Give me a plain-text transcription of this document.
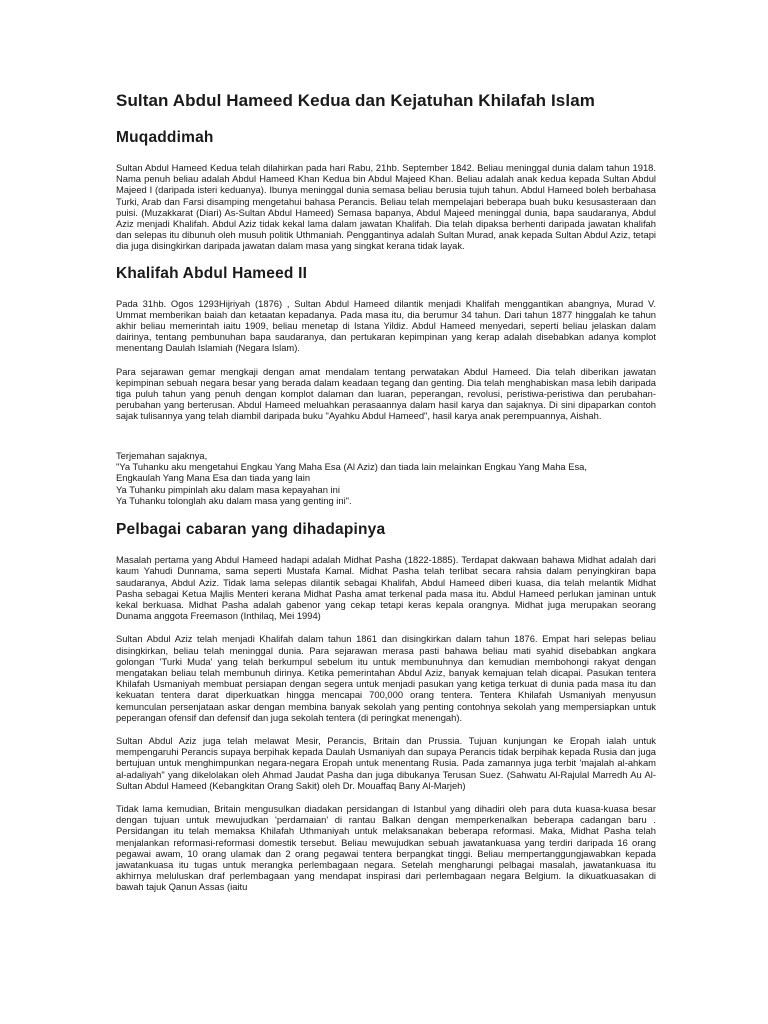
Sultan Abdul Hameed Kedua dan Kejatuhan Khilafah Islam
Muqaddimah

Sultan Abdul Hameed Kedua telah dilahirkan pada hari Rabu, 21hb. September 1842. Beliau meninggal dunia dalam tahun 1918. Nama penuh beliau adalah Abdul Hameed Khan Kedua bin Abdul Majeed Khan. Beliau adalah anak kedua kepada Sultan Abdul Majeed I (daripada isteri keduanya). Ibunya meninggal dunia semasa beliau berusia tujuh tahun. Abdul Hameed boleh berbahasa Turki, Arab dan Farsi disamping mengetahui bahasa Perancis. Beliau telah mempelajari beberapa buah buku kesusasteraan dan puisi. (Muzakkarat (Diari) As-Sultan Abdul Hameed) Semasa bapanya, Abdul Majeed meninggal dunia, bapa saudaranya, Abdul Aziz menjadi Khalifah. Abdul Aziz tidak kekal lama dalam jawatan Khalifah. Dia telah dipaksa berhenti daripada jawatan khalifah dan selepas itu dibunuh oleh musuh politik Uthmaniah. Penggantinya adalah Sultan Murad, anak kepada Sultan Abdul Aziz, tetapi dia juga disingkirkan daripada jawatan dalam masa yang singkat kerana tidak layak.

Khalifah Abdul Hameed II

Pada 31hb. Ogos 1293Hijriyah (1876) , Sultan Abdul Hameed dilantik menjadi Khalifah menggantikan abangnya, Murad V. Ummat memberikan baiah dan ketaatan kepadanya. Pada masa itu, dia berumur 34 tahun. Dari tahun 1877 hinggalah ke tahun akhir beliau memerintah iaitu 1909, beliau menetap di Istana Yildiz. Abdul Hameed menyedari, seperti beliau jelaskan dalam dairinya, tentang pembunuhan bapa saudaranya, dan pertukaran kepimpinan yang kerap adalah disebabkan adanya komplot menentang Daulah Islamiah (Negara Islam).

Para sejarawan gemar mengkaji dengan amat mendalam tentang perwatakan Abdul Hameed. Dia telah diberikan jawatan kepimpinan sebuah negara besar yang berada dalam keadaan tegang dan genting. Dia telah menghabiskan masa lebih daripada tiga puluh tahun yang penuh dengan komplot dalaman dan luaran, peperangan, revolusi, peristiwa-peristiwa dan perubahan-perubahan yang berterusan. Abdul Hameed meluahkan perasaannya dalam hasil karya dan sajaknya. Di sini dipaparkan contoh sajak tulisannya yang telah diambil daripada buku "Ayahku Abdul Hameed", hasil karya anak perempuannya, Aishah.

Terjemahan sajaknya,
"Ya Tuhanku aku mengetahui Engkau Yang Maha Esa (Al Aziz) dan tiada lain melainkan Engkau Yang Maha Esa,
Engkaulah Yang Mana Esa dan tiada yang lain
Ya Tuhanku pimpinlah aku dalam masa kepayahan ini
Ya Tuhanku tolonglah aku dalam masa yang genting ini".
Pelbagai cabaran yang dihadapinya

Masalah pertama yang Abdul Hameed hadapi adalah Midhat Pasha (1822-1885). Terdapat dakwaan bahawa Midhat adalah dari kaum Yahudi Dunnama, sama seperti Mustafa Kamal. Midhat Pasha telah terlibat secara rahsia dalam penyingkiran bapa saudaranya, Abdul Aziz. Tidak lama selepas dilantik sebagai Khalifah, Abdul Hameed diberi kuasa, dia telah melantik Midhat Pasha sebagai Ketua Majlis Menteri kerana Midhat Pasha amat terkenal pada masa itu. Abdul Hameed perlukan jaminan untuk kekal berkuasa. Midhat Pasha adalah gabenor yang cekap tetapi keras kepala orangnya. Midhat juga merupakan seorang Dunama anggota Freemason (Inthilaq, Mei 1994)

Sultan Abdul Aziz telah menjadi Khalifah dalam tahun 1861 dan disingkirkan dalam tahun 1876. Empat hari selepas beliau disingkirkan, beliau telah meninggal dunia. Para sejarawan merasa pasti bahawa beliau mati syahid disebabkan angkara golongan 'Turki Muda' yang telah berkumpul sebelum itu untuk membunuhnya dan kemudian membohongi rakyat dengan mengatakan beliau telah membunuh dirinya. Ketika pemerintahan Abdul Aziz, banyak kemajuan telah dicapai. Pasukan tentera Khilafah Usmaniyah membuat persiapan dengan segera untuk menjadi pasukan yang ketiga terkuat di dunia pada masa itu dan kekuatan tentera darat diperkuatkan hingga mencapai 700,000 orang tentera. Tentera Khilafah Usmaniyah menyusun kemunculan persenjataan askar dengan membina banyak sekolah yang penting contohnya sekolah yang mempersiapkan untuk peperangan ofensif dan defensif dan juga sekolah tentera (di peringkat menengah).

Sultan Abdul Aziz juga telah melawat Mesir, Perancis, Britain dan Prussia. Tujuan kunjungan ke Eropah ialah untuk mempengaruhi Perancis supaya berpihak kepada Daulah Usmaniyah dan supaya Perancis tidak berpihak kepada Rusia dan juga bertujuan untuk menghimpunkan negara-negara Eropah untuk menentang Rusia. Pada zamannya juga terbit 'majalah al-ahkam al-adaliyah" yang dikelolakan oleh Ahmad Jaudat Pasha dan juga dibukanya Terusan Suez. (Sahwatu Al-Rajulal Marredh Au Al-Sultan Abdul Hameed (Kebangkitan Orang Sakit) oleh Dr. Mouaffaq Bany Al-Marjeh)

Tidak lama kemudian, Britain mengusulkan diadakan persidangan di Istanbul yang dihadiri oleh para duta kuasa-kuasa besar dengan tujuan untuk mewujudkan 'perdamaian' di rantau Balkan dengan memperkenalkan beberapa cadangan baru . Persidangan itu telah memaksa Khilafah Uthmaniyah untuk melaksanakan beberapa reformasi. Maka, Midhat Pasha telah menjalankan reformasi-reformasi domestik tersebut. Beliau mewujudkan sebuah jawatankuasa yang terdiri daripada 16 orang pegawai awam, 10 orang ulamak dan 2 orang pegawai tentera berpangkat tinggi. Beliau mempertanggungjawabkan kepada jawatankuasa itu tugas untuk merangka perlembagaan negara. Setelah mengharungi pelbagai masalah, jawatankuasa itu akhirnya meluluskan draf perlembagaan yang mendapat inspirasi dari perlembagaan negara Belgium. Ia dikuatkuasakan di bawah tajuk Qanun Assas (iaitu
